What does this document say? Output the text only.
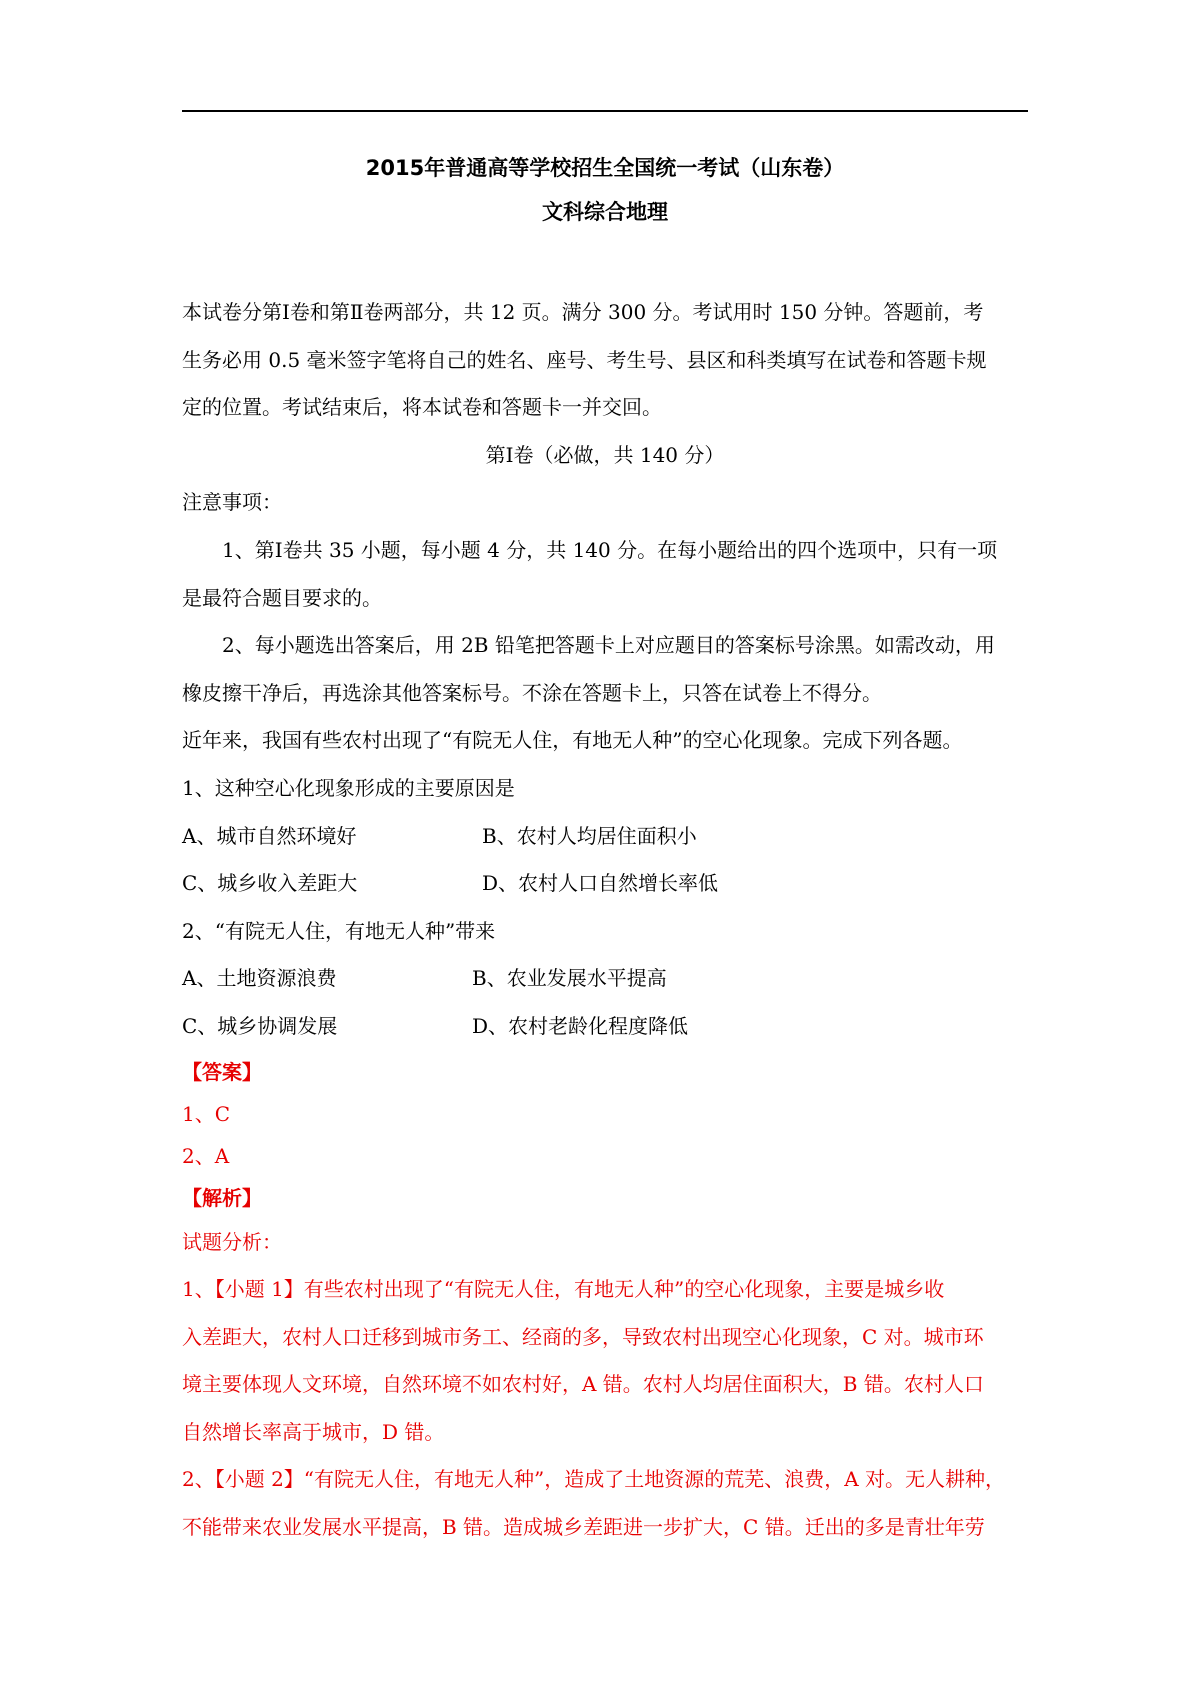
2015年普通高等学校招生全国统一考试（山东卷）
文科综合地理
本试卷分第Ⅰ卷和第Ⅱ卷两部分，共 12 页。满分 300 分。考试用时 150 分钟。答题前，考
生务必用 0.5 毫米签字笔将自己的姓名、座号、考生号、县区和科类填写在试卷和答题卡规
定的位置。考试结束后，将本试卷和答题卡一并交回。
第Ⅰ卷（必做，共 140 分）
注意事项：
1、第Ⅰ卷共 35 小题，每小题 4 分，共 140 分。在每小题给出的四个选项中，只有一项
是最符合题目要求的。
2、每小题选出答案后，用 2B 铅笔把答题卡上对应题目的答案标号涂黑。如需改动，用
橡皮擦干净后，再选涂其他答案标号。不涂在答题卡上，只答在试卷上不得分。
近年来，我国有些农村出现了“有院无人住，有地无人种”的空心化现象。完成下列各题。
1、这种空心化现象形成的主要原因是
A、城市自然环境好	B、农村人均居住面积小
C、城乡收入差距大	D、农村人口自然增长率低
2、“有院无人住，有地无人种”带来
A、土地资源浪费	B、农业发展水平提高
C、城乡协调发展	D、农村老龄化程度降低
【答案】
1、C
2、A
【解析】
试题分析：
1、【小题 1】有些农村出现了“有院无人住，有地无人种”的空心化现象，主要是城乡收
入差距大，农村人口迁移到城市务工、经商的多，导致农村出现空心化现象，C 对。城市环
境主要体现人文环境，自然环境不如农村好，A 错。农村人均居住面积大，B 错。农村人口
自然增长率高于城市，D 错。
2、【小题 2】“有院无人住，有地无人种”，造成了土地资源的荒芜、浪费，A 对。无人耕种，
不能带来农业发展水平提高，B 错。造成城乡差距进一步扩大，C 错。迁出的多是青壮年劳
